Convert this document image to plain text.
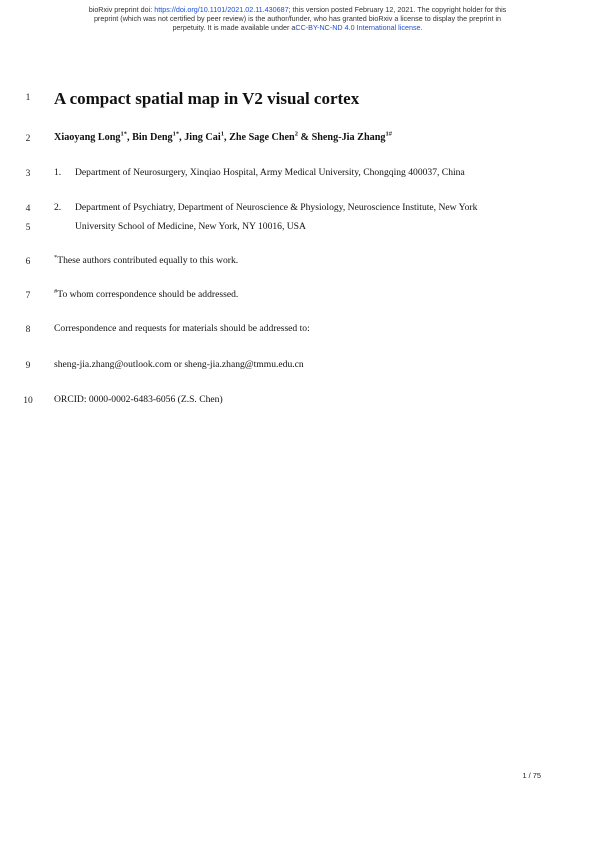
bioRxiv preprint doi: https://doi.org/10.1101/2021.02.11.430687; this version posted February 12, 2021. The copyright holder for this
preprint (which was not certified by peer review) is the author/funder, who has granted bioRxiv a license to display the preprint in
perpetuity. It is made available under aCC-BY-NC-ND 4.0 International license.
1
2
3
4
5
6
7
8
9
10
A compact spatial map in V2 visual cortex
Xiaoyang Long$^{1*}$, Bin Deng$^{1*}$, Jing Cai$^1$, Zhe Sage Chen$^2$ & Sheng-Jia Zhang$^{1\#}$
1. Department of Neurosurgery, Xinqiao Hospital, Army Medical University, Chongqing 400037, China
2. Department of Psychiatry, Department of Neuroscience & Physiology, Neuroscience Institute, New York
University School of Medicine, New York, NY 10016, USA
*These authors contributed equally to this work.
#To whom correspondence should be addressed.
Correspondence and requests for materials should be addressed to:
sheng-jia.zhang@outlook.com or sheng-jia.zhang@tmmu.edu.cn
ORCID: 0000-0002-6483-6056 (Z.S. Chen)
1 / 75
